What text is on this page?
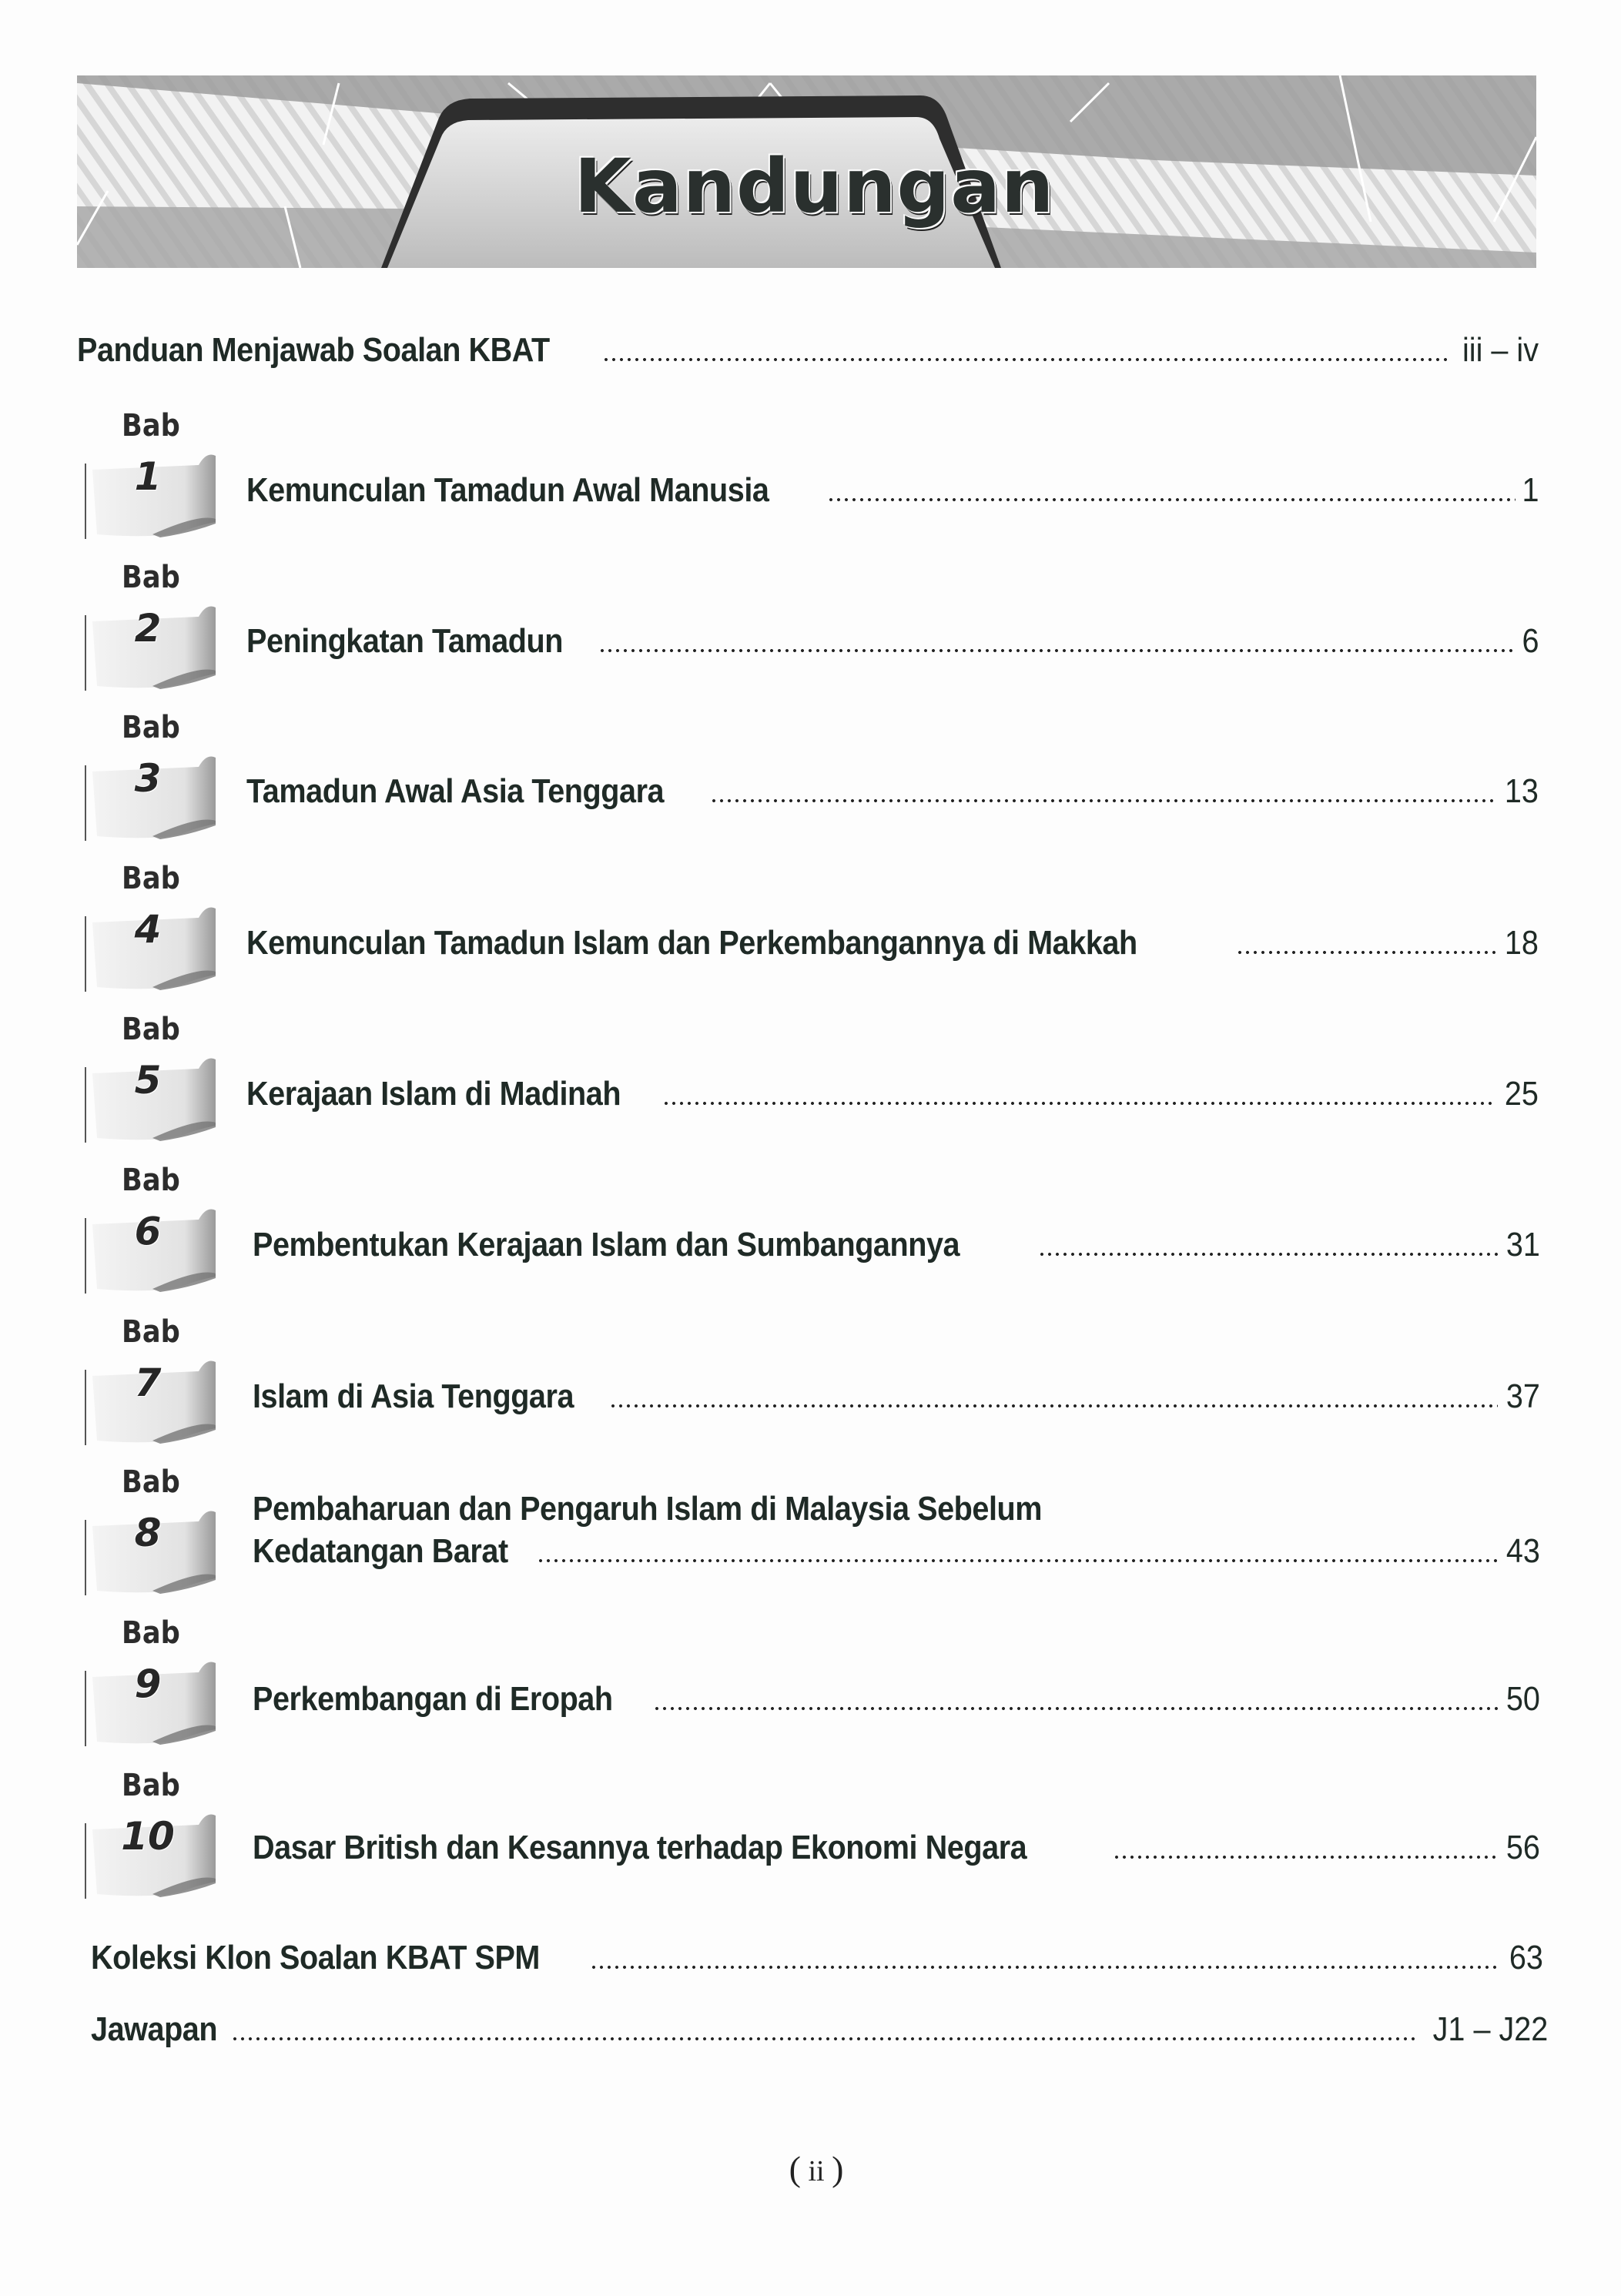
Kandungan
Panduan Menjawab Soalan KBAT	iii – iv
Bab
1	Kemunculan Tamadun Awal Manusia	1
Bab
2	Peningkatan Tamadun	6
Bab
3	Tamadun Awal Asia Tenggara	13
Bab
4	Kemunculan Tamadun Islam dan Perkembangannya di Makkah	18
Bab
5	Kerajaan Islam di Madinah	25
Bab
6	Pembentukan Kerajaan Islam dan Sumbangannya	31
Bab
7	Islam di Asia Tenggara	37
Bab
8
Pembaharuan dan Pengaruh Islam di Malaysia Sebelum
Kedatangan Barat	43
Bab
9	Perkembangan di Eropah	50
Bab
10	Dasar British dan Kesannya terhadap Ekonomi Negara	56
Koleksi Klon Soalan KBAT SPM	63
Jawapan	J1 – J22
( ii )
